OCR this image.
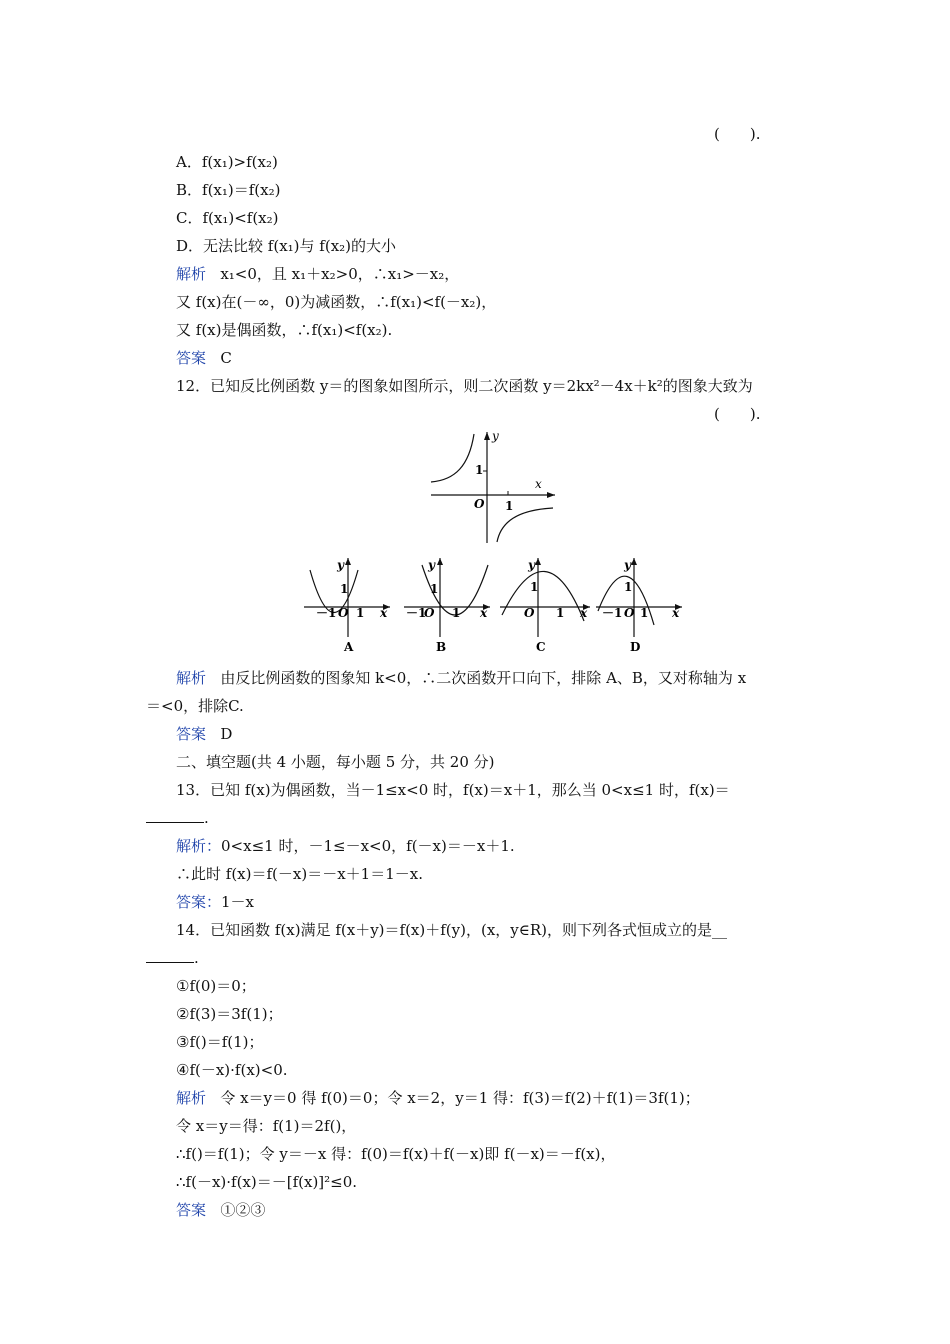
(　　).
A．f(x₁)>f(x₂)
B．f(x₁)＝f(x₂)
C．f(x₁)<f(x₂)
D．无法比较 f(x₁)与 f(x₂)的大小
解析 x₁<0，且 x₁＋x₂>0，∴x₁>－x₂，
又 f(x)在(－∞，0)为减函数，∴f(x₁)<f(－x₂)，
又 f(x)是偶函数，∴f(x₁)<f(x₂).
答案 C
12．已知反比例函数 y＝的图象如图所示，则二次函数 y＝2kx²－4x＋k²的图象大致为
(　　).
y
x
O 1
1
y
x
－1 O 1
1
A
y
x
－1
O 1
1
B
y
x
O 1
1
C
y
x
－1 O 1
1
D
解析 由反比例函数的图象知 k<0，∴二次函数开口向下，排除 A、B，又对称轴为 x
＝<0，排除C.
答案 D
二、填空题(共 4 小题，每小题 5 分，共 20 分)
13．已知 f(x)为偶函数，当－1≤x<0 时，f(x)＝x＋1，那么当 0<x≤1 时，f(x)＝
.
解析：0<x≤1 时，－1≤－x<0，f(－x)＝－x＋1.
∴此时 f(x)＝f(－x)＝－x＋1＝1－x.
答案：1－x
14．已知函数 f(x)满足 f(x＋y)＝f(x)＋f(y)，(x，y∈R)，则下列各式恒成立的是__
.
①f(0)＝0；
②f(3)＝3f(1)；
③f()＝f(1)；
④f(－x)·f(x)<0.
解析 令 x＝y＝0 得 f(0)＝0；令 x＝2，y＝1 得：f(3)＝f(2)＋f(1)＝3f(1)；
令 x＝y＝得：f(1)＝2f()，
∴f()＝f(1)；令 y＝－x 得：f(0)＝f(x)＋f(－x)即 f(－x)＝－f(x)，
∴f(－x)·f(x)＝－[f(x)]²≤0.
答案 ①②③
